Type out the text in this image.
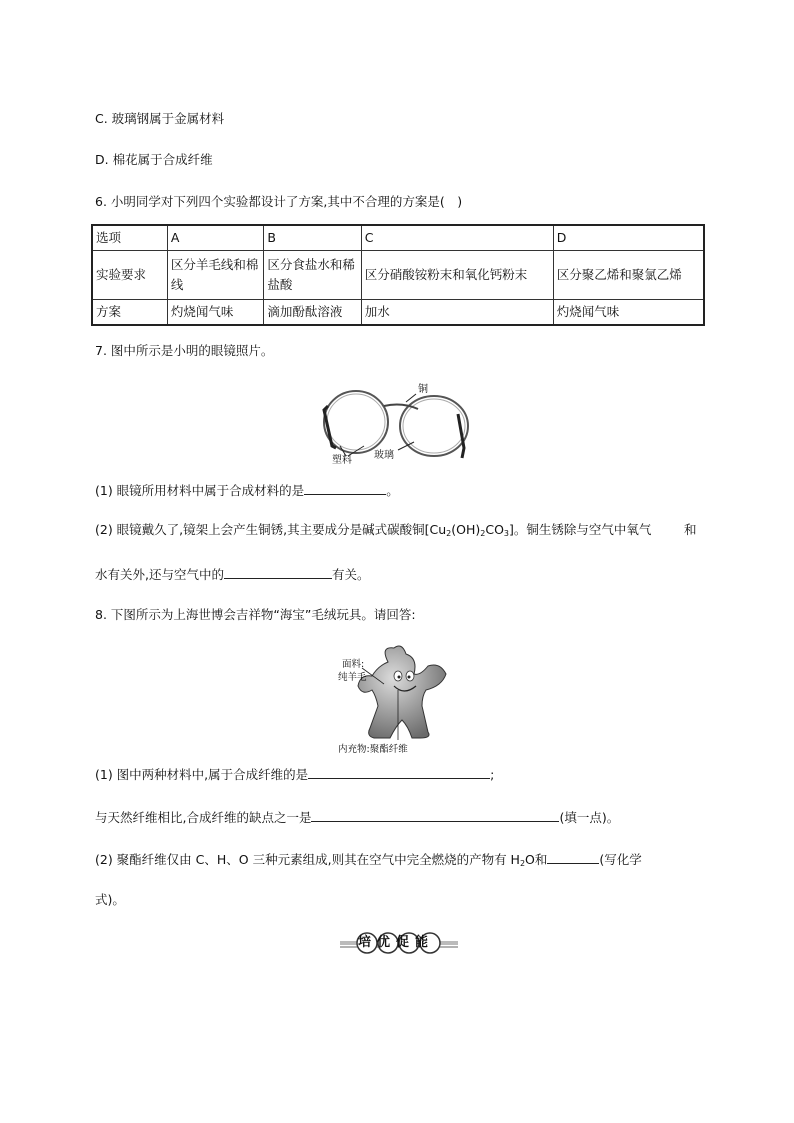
C. 玻璃钢属于金属材料
D. 棉花属于合成纤维
6. 小明同学对下列四个实验都设计了方案,其中不合理的方案是(　)
选项	A	B	C	D
实验要求	区分羊毛线和棉线	区分食盐水和稀盐酸	区分硝酸铵粉末和氧化钙粉末	区分聚乙烯和聚氯乙烯
方案	灼烧闻气味	滴加酚酞溶液	加水	灼烧闻气味
7. 图中所示是小明的眼镜照片。
铜
塑料 玻璃
(1) 眼镜所用材料中属于合成材料的是	。
(2) 眼镜戴久了,镜架上会产生铜锈,其主要成分是碱式碳酸铜$[Cu_2(OH)_2CO_3]$。铜生锈除与空气中氧气	和
水有关外,还与空气中的	有关。
8. 下图所示为上海世博会吉祥物“海宝”毛绒玩具。请回答:
面料:
纯羊毛
内充物:聚酯纤维
(1) 图中两种材料中,属于合成纤维的是	;
与天然纤维相比,合成纤维的缺点之一是	(填一点)。
(2) 聚酯纤维仅由 C、H、O 三种元素组成,则其在空气中完全燃烧的产物有 $H_2O$和	(写化学
式)。
培优促能
